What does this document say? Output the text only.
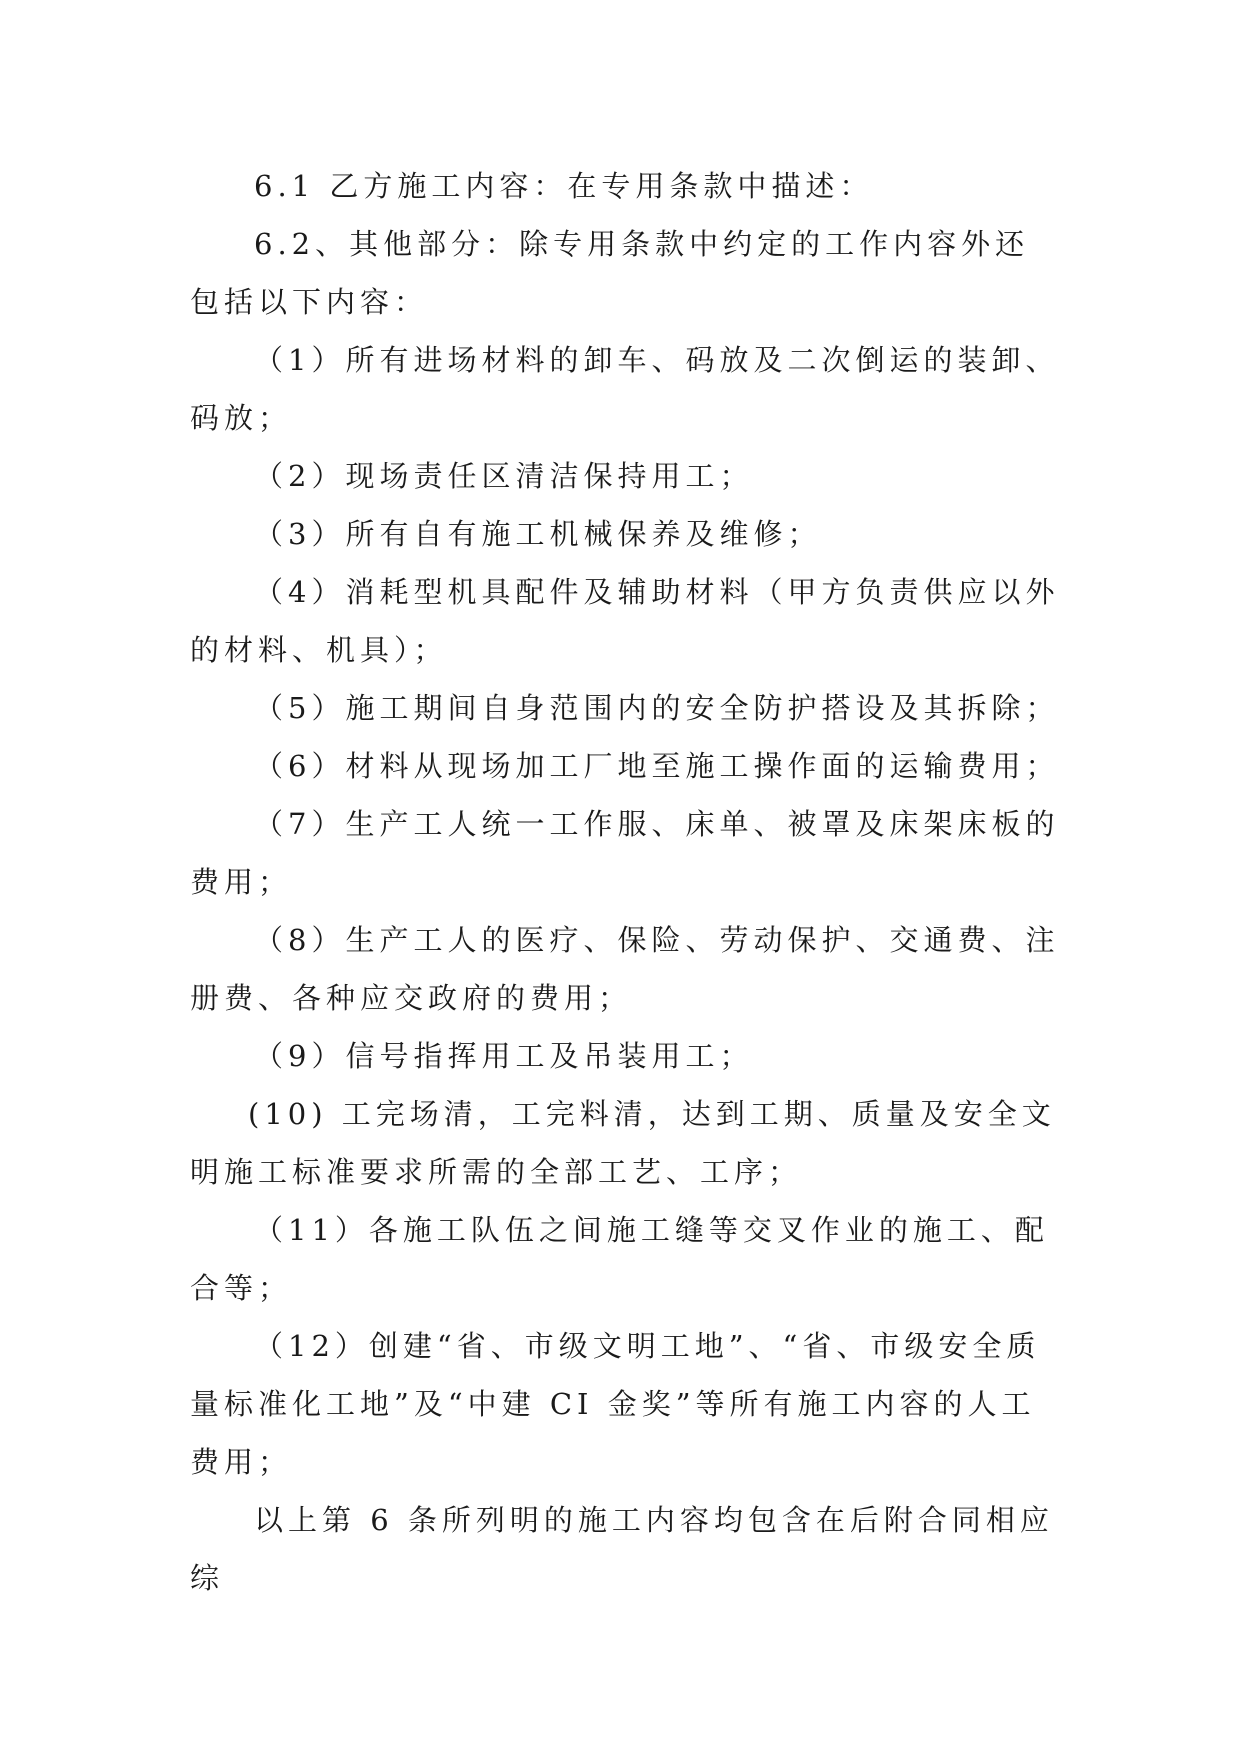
6.1 乙方施工内容：在专用条款中描述：

6.2、其他部分：除专用条款中约定的工作内容外还包括以下内容：

（1）所有进场材料的卸车、码放及二次倒运的装卸、码放；

（2）现场责任区清洁保持用工；

（3）所有自有施工机械保养及维修；

（4）消耗型机具配件及辅助材料（甲方负责供应以外的材料、机具）；

（5）施工期间自身范围内的安全防护搭设及其拆除；

（6）材料从现场加工厂地至施工操作面的运输费用；

（7）生产工人统一工作服、床单、被罩及床架床板的费用；

（8）生产工人的医疗、保险、劳动保护、交通费、注册费、各种应交政府的费用；

（9）信号指挥用工及吊装用工；

(10) 工完场清，工完料清，达到工期、质量及安全文明施工标准要求所需的全部工艺、工序；

（11）各施工队伍之间施工缝等交叉作业的施工、配合等；

（12）创建“省、市级文明工地”、“省、市级安全质量标准化工地”及“中建 CI 金奖”等所有施工内容的人工费用；

以上第 6 条所列明的施工内容均包含在后附合同相应综
